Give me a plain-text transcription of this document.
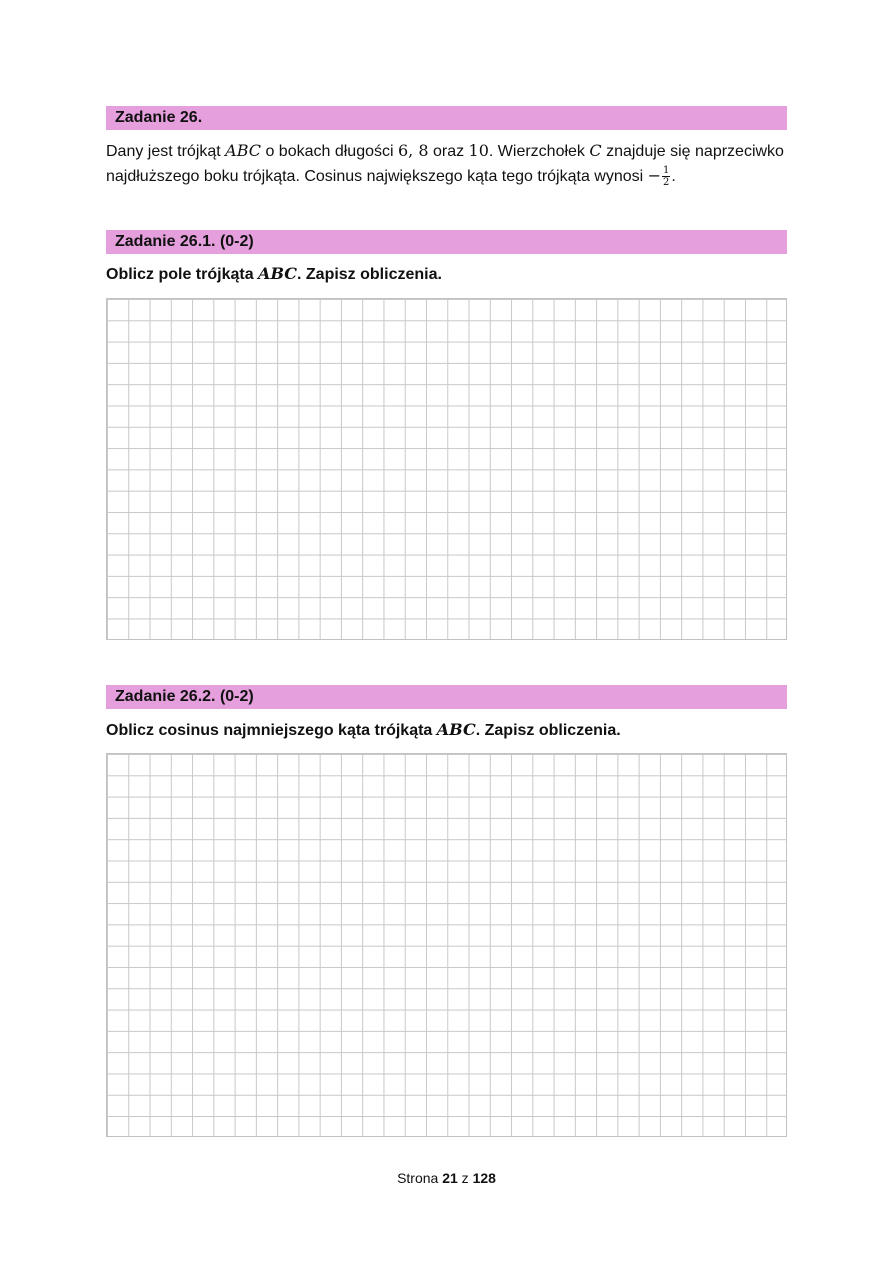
Zadanie 26.
Dany jest trójkąt ABC o bokach długości 6, 8 oraz 10. Wierzchołek C znajduje się naprzeciwko najdłuższego boku trójkąta. Cosinus największego kąta tego trójkąta wynosi − $\frac{1}{2}$ .
Zadanie 26.1. (0-2)
Oblicz pole trójkąta ABC. Zapisz obliczenia.
Zadanie 26.2. (0-2)
Oblicz cosinus najmniejszego kąta trójkąta ABC. Zapisz obliczenia.
Strona 21 z 128
